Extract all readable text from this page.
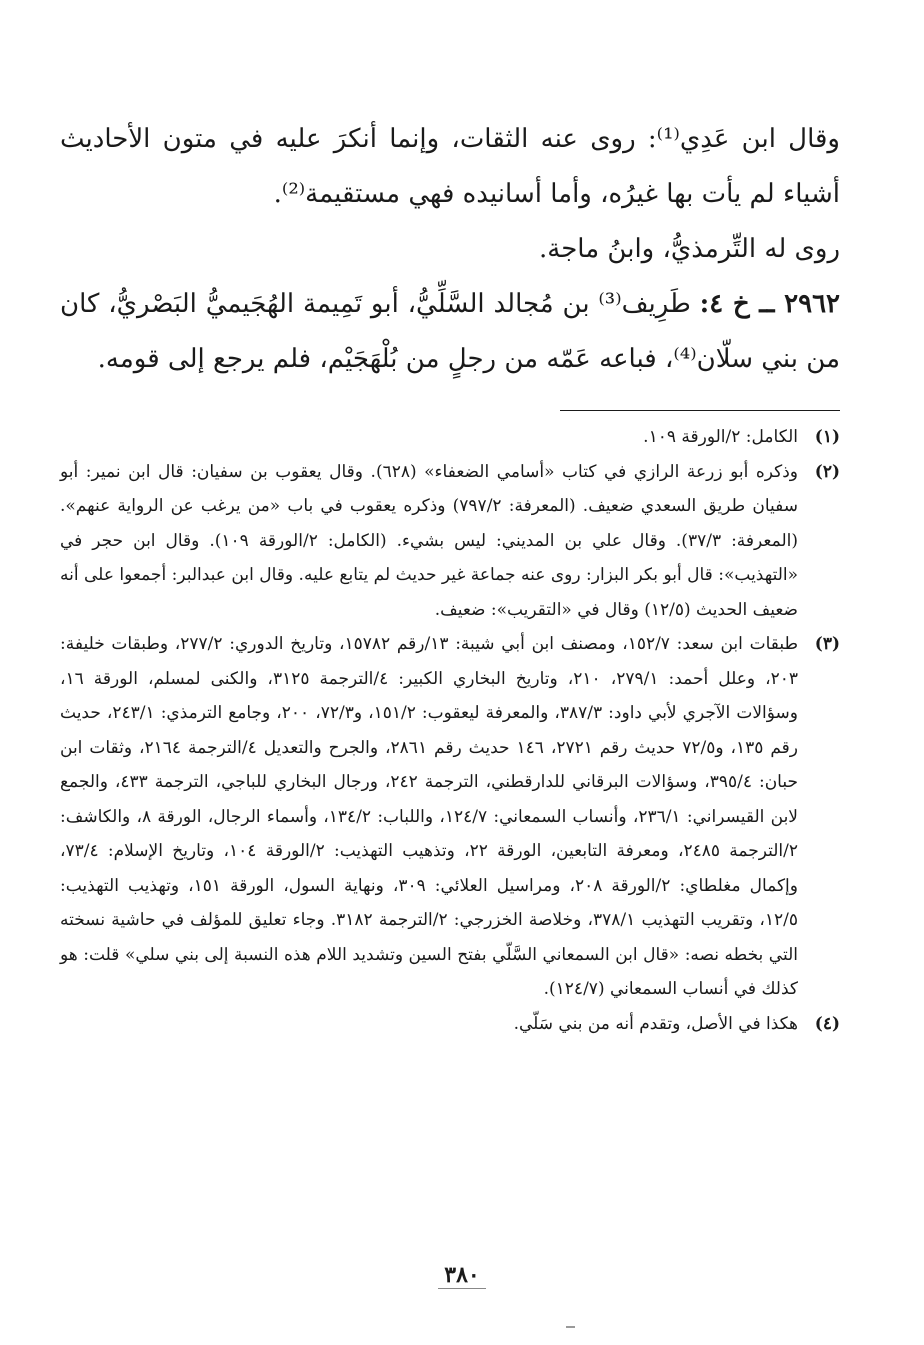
وقال ابن عَدِي⁽¹⁾: روى عنه الثقات، وإنما أنكرَ عليه في متون الأحاديث أشياء لم يأت بها غيرُه، وأما أسانيده فهي مستقيمة⁽²⁾.

روى له التِّرمذيُّ، وابنُ ماجة.

٢٩٦٢ ــ خ ٤: طَرِيف⁽³⁾ بن مُجالد السَّلِّيُّ، أبو تَمِيمة الهُجَيميُّ البَصْريُّ، كان من بني سلّان⁽⁴⁾، فباعه عَمّه من رجلٍ من بُلْهَجَيْم، فلم يرجع إلى قومه.

(١)
الكامل: ٢/الورقة ١٠٩.
(٢)
وذكره أبو زرعة الرازي في كتاب «أسامي الضعفاء» (٦٢٨). وقال يعقوب بن سفيان: قال ابن نمير: أبو سفيان طريق السعدي ضعيف. (المعرفة: ٧٩٧/٢) وذكره يعقوب في باب «من يرغب عن الرواية عنهم». (المعرفة: ٣٧/٣). وقال علي بن المديني: ليس بشيء. (الكامل: ٢/الورقة ١٠٩). وقال ابن حجر في «التهذيب»: قال أبو بكر البزار: روى عنه جماعة غير حديث لم يتابع عليه. وقال ابن عبدالبر: أجمعوا على أنه ضعيف الحديث (١٢/٥) وقال في «التقريب»: ضعيف.
(٣)
طبقات ابن سعد: ١٥٢/٧، ومصنف ابن أبي شيبة: ١٣/رقم ١٥٧٨٢، وتاريخ الدوري: ٢٧٧/٢، وطبقات خليفة: ٢٠٣، وعلل أحمد: ٢٧٩/١، ٢١٠، وتاريخ البخاري الكبير: ٤/الترجمة ٣١٢٥، والكنى لمسلم، الورقة ١٦، وسؤالات الآجري لأبي داود: ٣٨٧/٣، والمعرفة ليعقوب: ١٥١/٢، و٧٢/٣، ٢٠٠، وجامع الترمذي: ٢٤٣/١، حديث رقم ١٣٥، و٧٢/٥ حديث رقم ٢٧٢١، ١٤٦ حديث رقم ٢٨٦١، والجرح والتعديل ٤/الترجمة ٢١٦٤، وثقات ابن حبان: ٣٩٥/٤، وسؤالات البرقاني للدارقطني، الترجمة ٢٤٢، ورجال البخاري للباجي، الترجمة ٤٣٣، والجمع لابن القيسراني: ٢٣٦/١، وأنساب السمعاني: ١٢٤/٧، واللباب: ١٣٤/٢، وأسماء الرجال، الورقة ٨، والكاشف: ٢/الترجمة ٢٤٨٥، ومعرفة التابعين، الورقة ٢٢، وتذهيب التهذيب: ٢/الورقة ١٠٤، وتاريخ الإسلام: ٧٣/٤، وإكمال مغلطاي: ٢/الورقة ٢٠٨، ومراسيل العلائي: ٣٠٩، ونهاية السول، الورقة ١٥١، وتهذيب التهذيب: ١٢/٥، وتقريب التهذيب ٣٧٨/١، وخلاصة الخزرجي: ٢/الترجمة ٣١٨٢. وجاء تعليق للمؤلف في حاشية نسخته التي بخطه نصه: «قال ابن السمعاني السَّلّي بفتح السين وتشديد اللام هذه النسبة إلى بني سلي» قلت: هو كذلك في أنساب السمعاني (١٢٤/٧).
(٤)
هكذا في الأصل، وتقدم أنه من بني سَلّي.
٣٨٠
